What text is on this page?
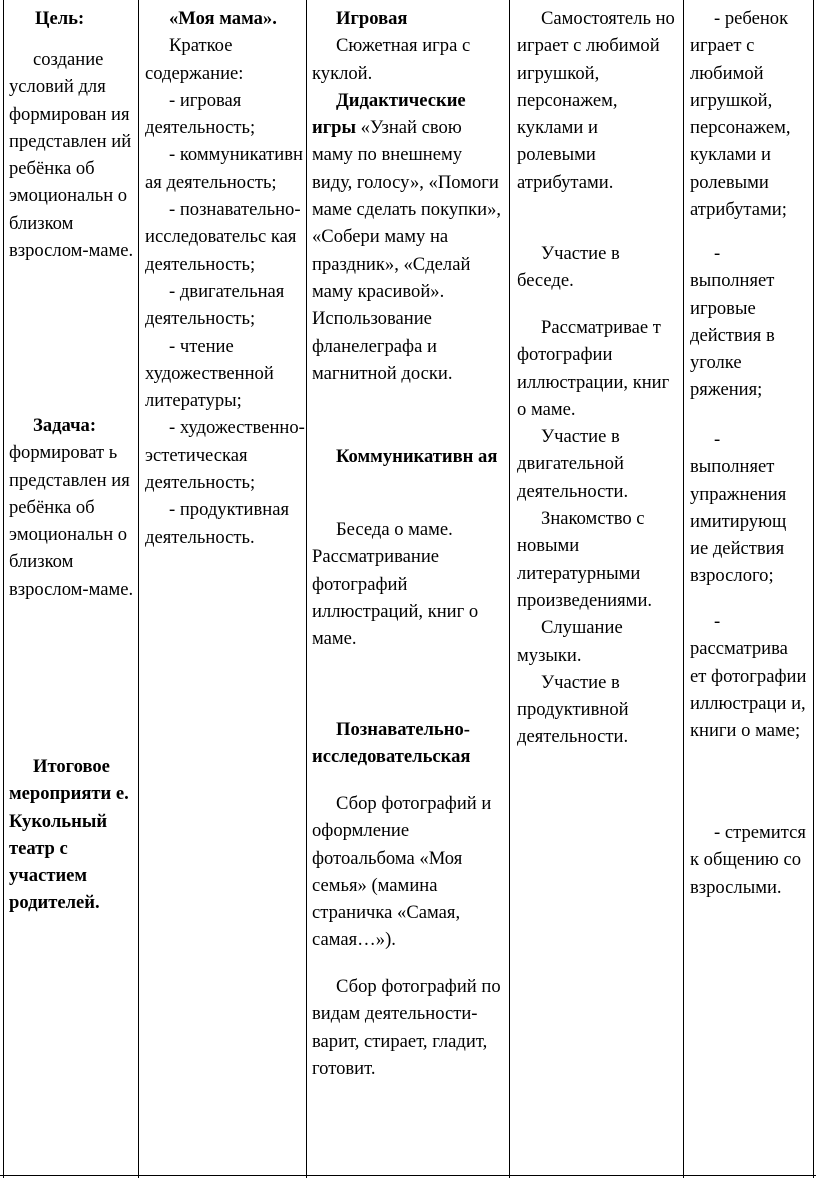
Цель:

создание условий для формирован ия представлен ий ребёнка об эмоциональн о близком взрослом-маме.

Задача:

формироват ь представлен ия ребёнка об эмоциональн о близком взрослом-маме.

Итоговое мероприяти е.

Кукольный театр с участием родителей.

«Моя мама».

Краткое содержание:

- игровая деятельность;

- коммуникативн ая деятельность;

- познавательно-исследовательс кая деятельность;

- двигательная деятельность;

- чтение художественной литературы;

- художественно-эстетическая деятельность;

- продуктивная деятельность.

Игровая

Сюжетная игра с куклой.

Дидактические игры «Узнай свою маму по внешнему виду, голосу», «Помоги маме сделать покупки», «Собери маму на праздник», «Сделай маму красивой». Использование фланелеграфа и магнитной доски.

Коммуникативн ая

Беседа о маме. Рассматривание фотографий иллюстраций, книг о маме.

Познавательно-исследовательская

Сбор фотографий и оформление фотоальбома «Моя семья» (мамина страничка «Самая, самая…»).

Сбор фотографий по видам деятельности-варит, стирает, гладит, готовит.

Самостоятель но играет с любимой игрушкой, персонажем, куклами и ролевыми атрибутами.

Участие в беседе.

Рассматривае т фотографии иллюстрации, книг о маме.

Участие в двигательной деятельности.

Знакомство с новыми литературными произведениями.

Слушание музыки.

Участие в продуктивной деятельности.

- ребенок играет с любимой игрушкой, персонажем, куклами и ролевыми атрибутами;

- выполняет игровые действия в уголке ряжения;

- выполняет упражнения имитирующ ие действия взрослого;

- рассматрива ет фотографии иллюстраци и, книги о маме;

- стремится к общению со взрослыми.
